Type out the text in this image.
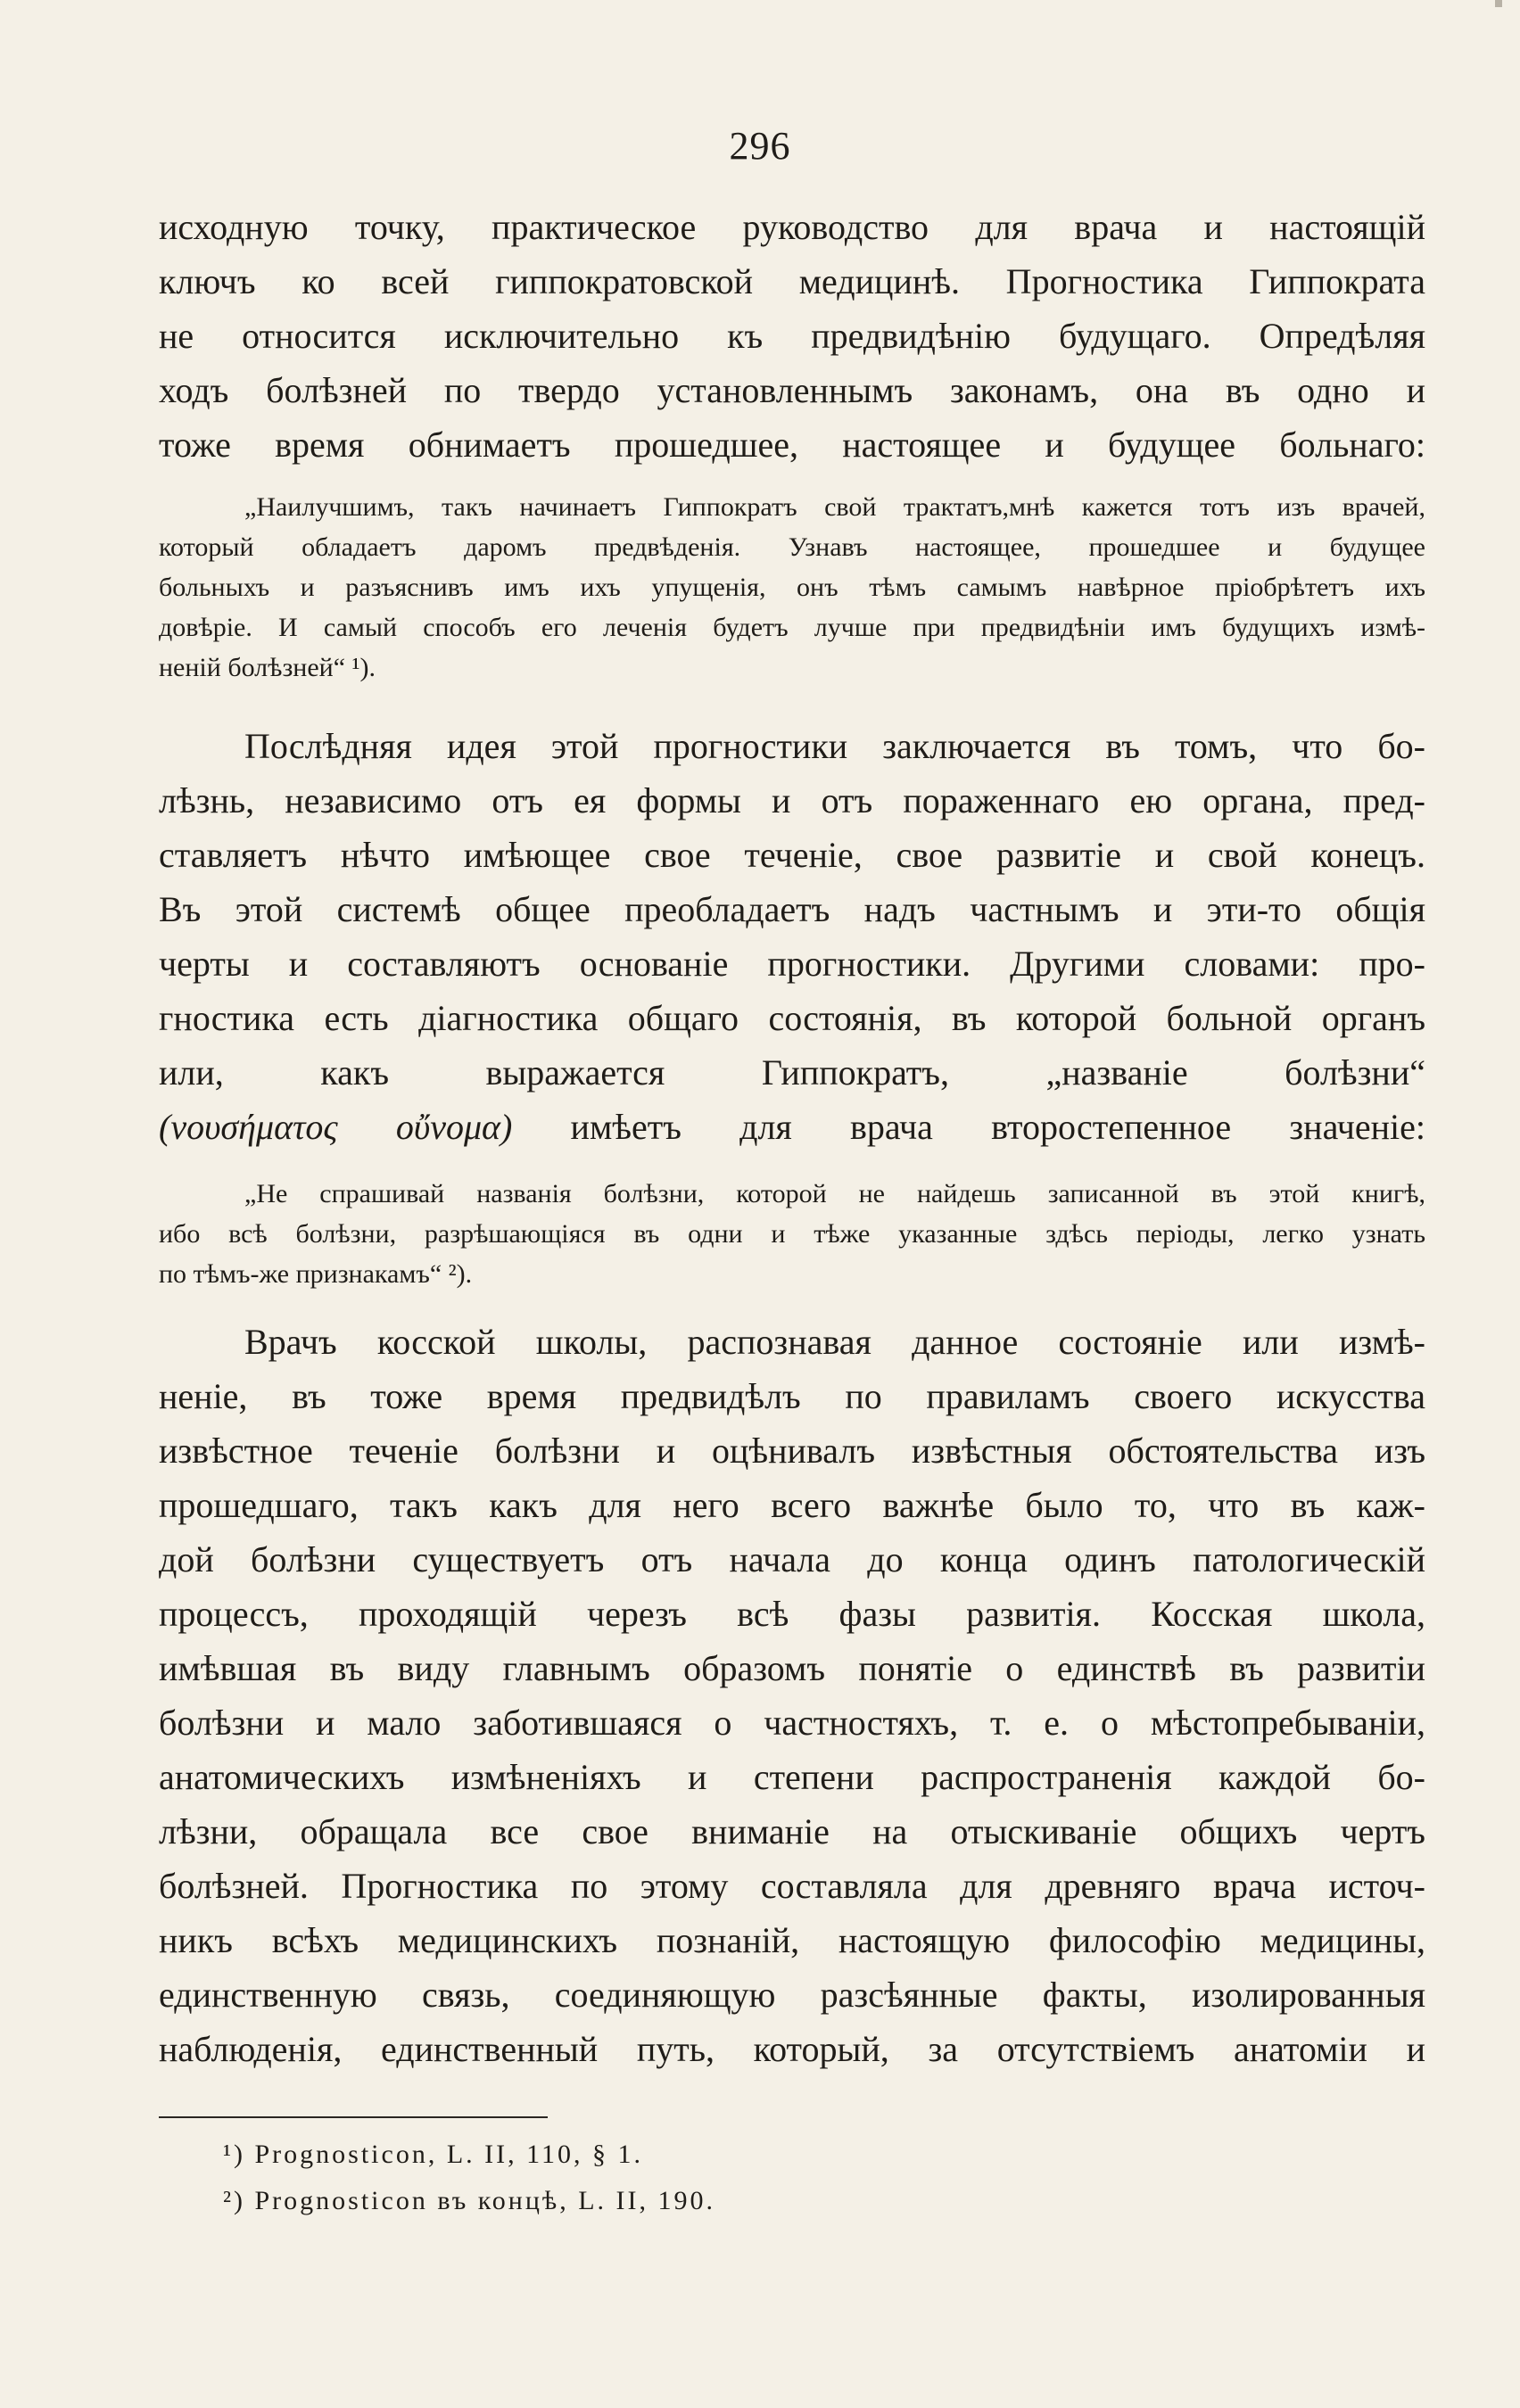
296
исходную точку, практическое руководство для врача и настоящій
ключъ ко всей гиппократовской медицинѣ. Прогностика Гиппократа
не относится исключительно къ предвидѣнію будущаго. Опредѣляя
ходъ болѣзней по твердо установленнымъ законамъ, она въ одно и
тоже время обнимаетъ прошедшее, настоящее и будущее больнаго:
„Наилучшимъ, такъ начинаетъ Гиппократъ свой трактатъ,мнѣ кажется тотъ изъ врачей,
который обладаетъ даромъ предвѣденія. Узнавъ настоящее, прошедшее и будущее
больныхъ и разъяснивъ имъ ихъ упущенія, онъ тѣмъ самымъ навѣрное пріобрѣтетъ ихъ
довѣріе. И самый способъ его леченія будетъ лучше при предвидѣніи имъ будущихъ измѣ-
неній болѣзней“ ¹).
Послѣдняя идея этой прогностики заключается въ томъ, что бо-
лѣзнь, независимо отъ ея формы и отъ пораженнаго ею органа, пред-
ставляетъ нѣчто имѣющее свое теченіе, свое развитіе и свой конецъ.
Въ этой системѣ общее преобладаетъ надъ частнымъ и эти-то общія
черты и составляютъ основаніе прогностики. Другими словами: про-
гностика есть діагностика общаго состоянія, въ которой больной органъ
или, какъ выражается Гиппократъ, „названіе болѣзни“
(νουσήματος οὔνομα) имѣетъ для врача второстепенное значеніе:
„Не спрашивай названія болѣзни, которой не найдешь записанной въ этой книгѣ,
ибо всѣ болѣзни, разрѣшающіяся въ одни и тѣже указанные здѣсь періоды, легко узнать
по тѣмъ-же признакамъ“ ²).
Врачъ косской школы, распознавая данное состояніе или измѣ-
неніе, въ тоже время предвидѣлъ по правиламъ своего искусства
извѣстное теченіе болѣзни и оцѣнивалъ извѣстныя обстоятельства изъ
прошедшаго, такъ какъ для него всего важнѣе было то, что въ каж-
дой болѣзни существуетъ отъ начала до конца одинъ патологическій
процессъ, проходящій черезъ всѣ фазы развитія. Косская школа,
имѣвшая въ виду главнымъ образомъ понятіе о единствѣ въ развитіи
болѣзни и мало заботившаяся о частностяхъ, т. е. о мѣстопребываніи,
анатомическихъ измѣненіяхъ и степени распространенія каждой бо-
лѣзни, обращала все свое вниманіе на отыскиваніе общихъ чертъ
болѣзней. Прогностика по этому составляла для древняго врача источ-
никъ всѣхъ медицинскихъ познаній, настоящую философію медицины,
единственную связь, соединяющую разсѣянные факты, изолированныя
наблюденія, единственный путь, который, за отсутствіемъ анатоміи и
¹) Prognosticon, L. II, 110, § 1.
²) Prognosticon въ концѣ, L. II, 190.
